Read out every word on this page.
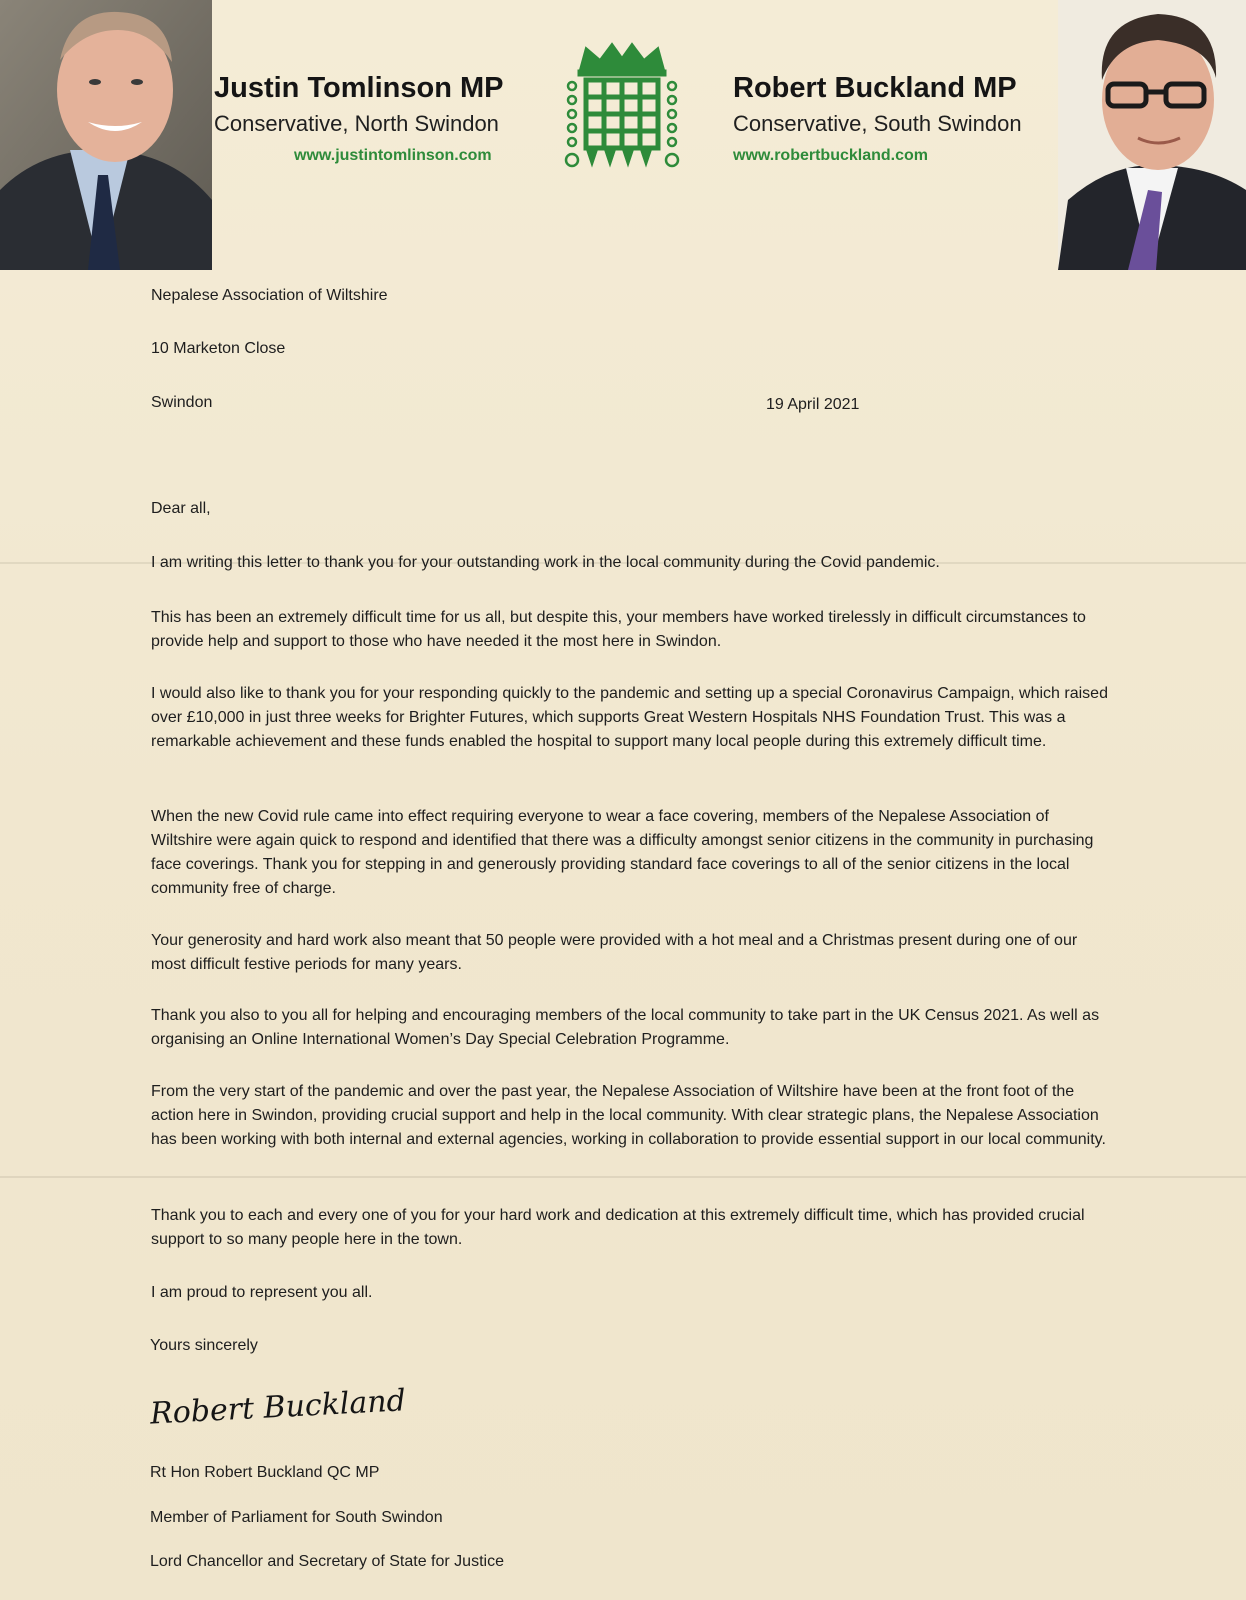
Justin Tomlinson MP
Conservative, North Swindon
www.justintomlinson.com
Robert Buckland MP
Conservative, South Swindon
www.robertbuckland.com
Nepalese Association of Wiltshire
10 Marketon Close
Swindon	19 April 2021
Dear all,
I am writing this letter to thank you for your outstanding work in the local community during the Covid pandemic.
This has been an extremely difficult time for us all, but despite this, your members have worked tirelessly in difficult circumstances to provide help and support to those who have needed it the most here in Swindon.
I would also like to thank you for your responding quickly to the pandemic and setting up a special Coronavirus Campaign, which raised over £10,000 in just three weeks for Brighter Futures, which supports Great Western Hospitals NHS Foundation Trust. This was a remarkable achievement and these funds enabled the hospital to support many local people during this extremely difficult time.
When the new Covid rule came into effect requiring everyone to wear a face covering, members of the Nepalese Association of Wiltshire were again quick to respond and identified that there was a difficulty amongst senior citizens in the community in purchasing face coverings. Thank you for stepping in and generously providing standard face coverings to all of the senior citizens in the local community free of charge.
Your generosity and hard work also meant that 50 people were provided with a hot meal and a Christmas present during one of our most difficult festive periods for many years.
Thank you also to you all for helping and encouraging members of the local community to take part in the UK Census 2021. As well as organising an Online International Women’s Day Special Celebration Programme.
From the very start of the pandemic and over the past year, the Nepalese Association of Wiltshire have been at the front foot of the action here in Swindon, providing crucial support and help in the local community. With clear strategic plans, the Nepalese Association has been working with both internal and external agencies, working in collaboration to provide essential support in our local community.
Thank you to each and every one of you for your hard work and dedication at this extremely difficult time, which has provided crucial support to so many people here in the town.
I am proud to represent you all.
Yours sincerely
Robert Buckland
Rt Hon Robert Buckland QC MP
Member of Parliament for South Swindon
Lord Chancellor and Secretary of State for Justice
